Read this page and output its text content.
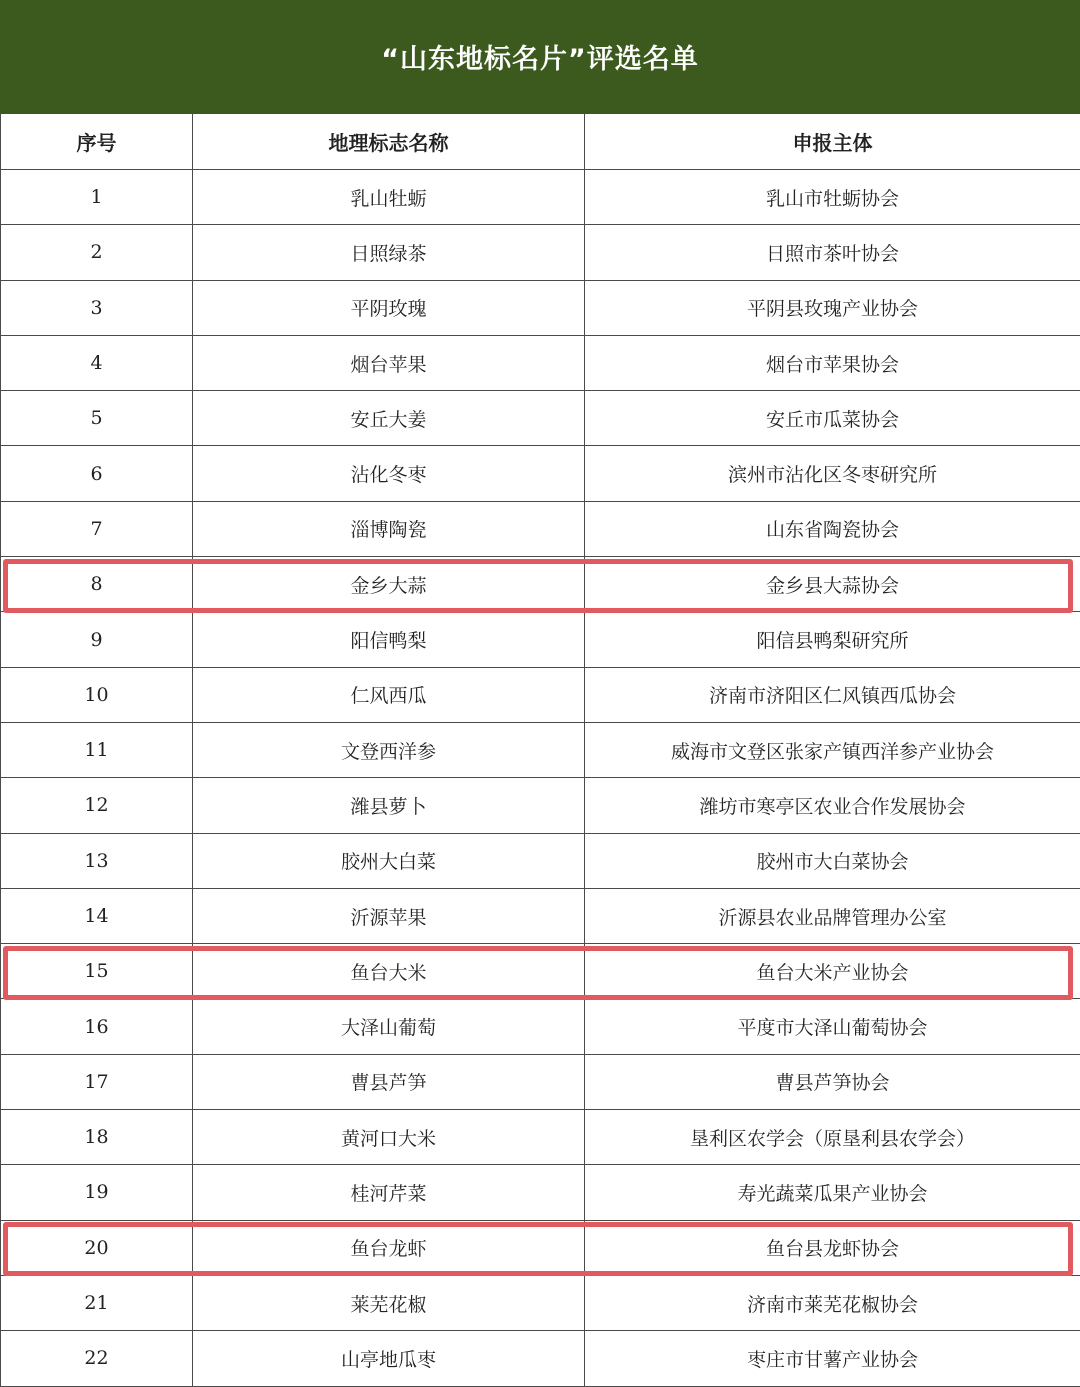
“山东地标名片”评选名单
序号	地理标志名称	申报主体
1	乳山牡蛎	乳山市牡蛎协会
2	日照绿茶	日照市茶叶协会
3	平阴玫瑰	平阴县玫瑰产业协会
4	烟台苹果	烟台市苹果协会
5	安丘大姜	安丘市瓜菜协会
6	沾化冬枣	滨州市沾化区冬枣研究所
7	淄博陶瓷	山东省陶瓷协会
8	金乡大蒜	金乡县大蒜协会
9	阳信鸭梨	阳信县鸭梨研究所
10	仁风西瓜	济南市济阳区仁风镇西瓜协会
11	文登西洋参	威海市文登区张家产镇西洋参产业协会
12	潍县萝卜	潍坊市寒亭区农业合作发展协会
13	胶州大白菜	胶州市大白菜协会
14	沂源苹果	沂源县农业品牌管理办公室
15	鱼台大米	鱼台大米产业协会
16	大泽山葡萄	平度市大泽山葡萄协会
17	曹县芦笋	曹县芦笋协会
18	黄河口大米	垦利区农学会（原垦利县农学会）
19	桂河芹菜	寿光蔬菜瓜果产业协会
20	鱼台龙虾	鱼台县龙虾协会
21	莱芜花椒	济南市莱芜花椒协会
22	山亭地瓜枣	枣庄市甘薯产业协会
